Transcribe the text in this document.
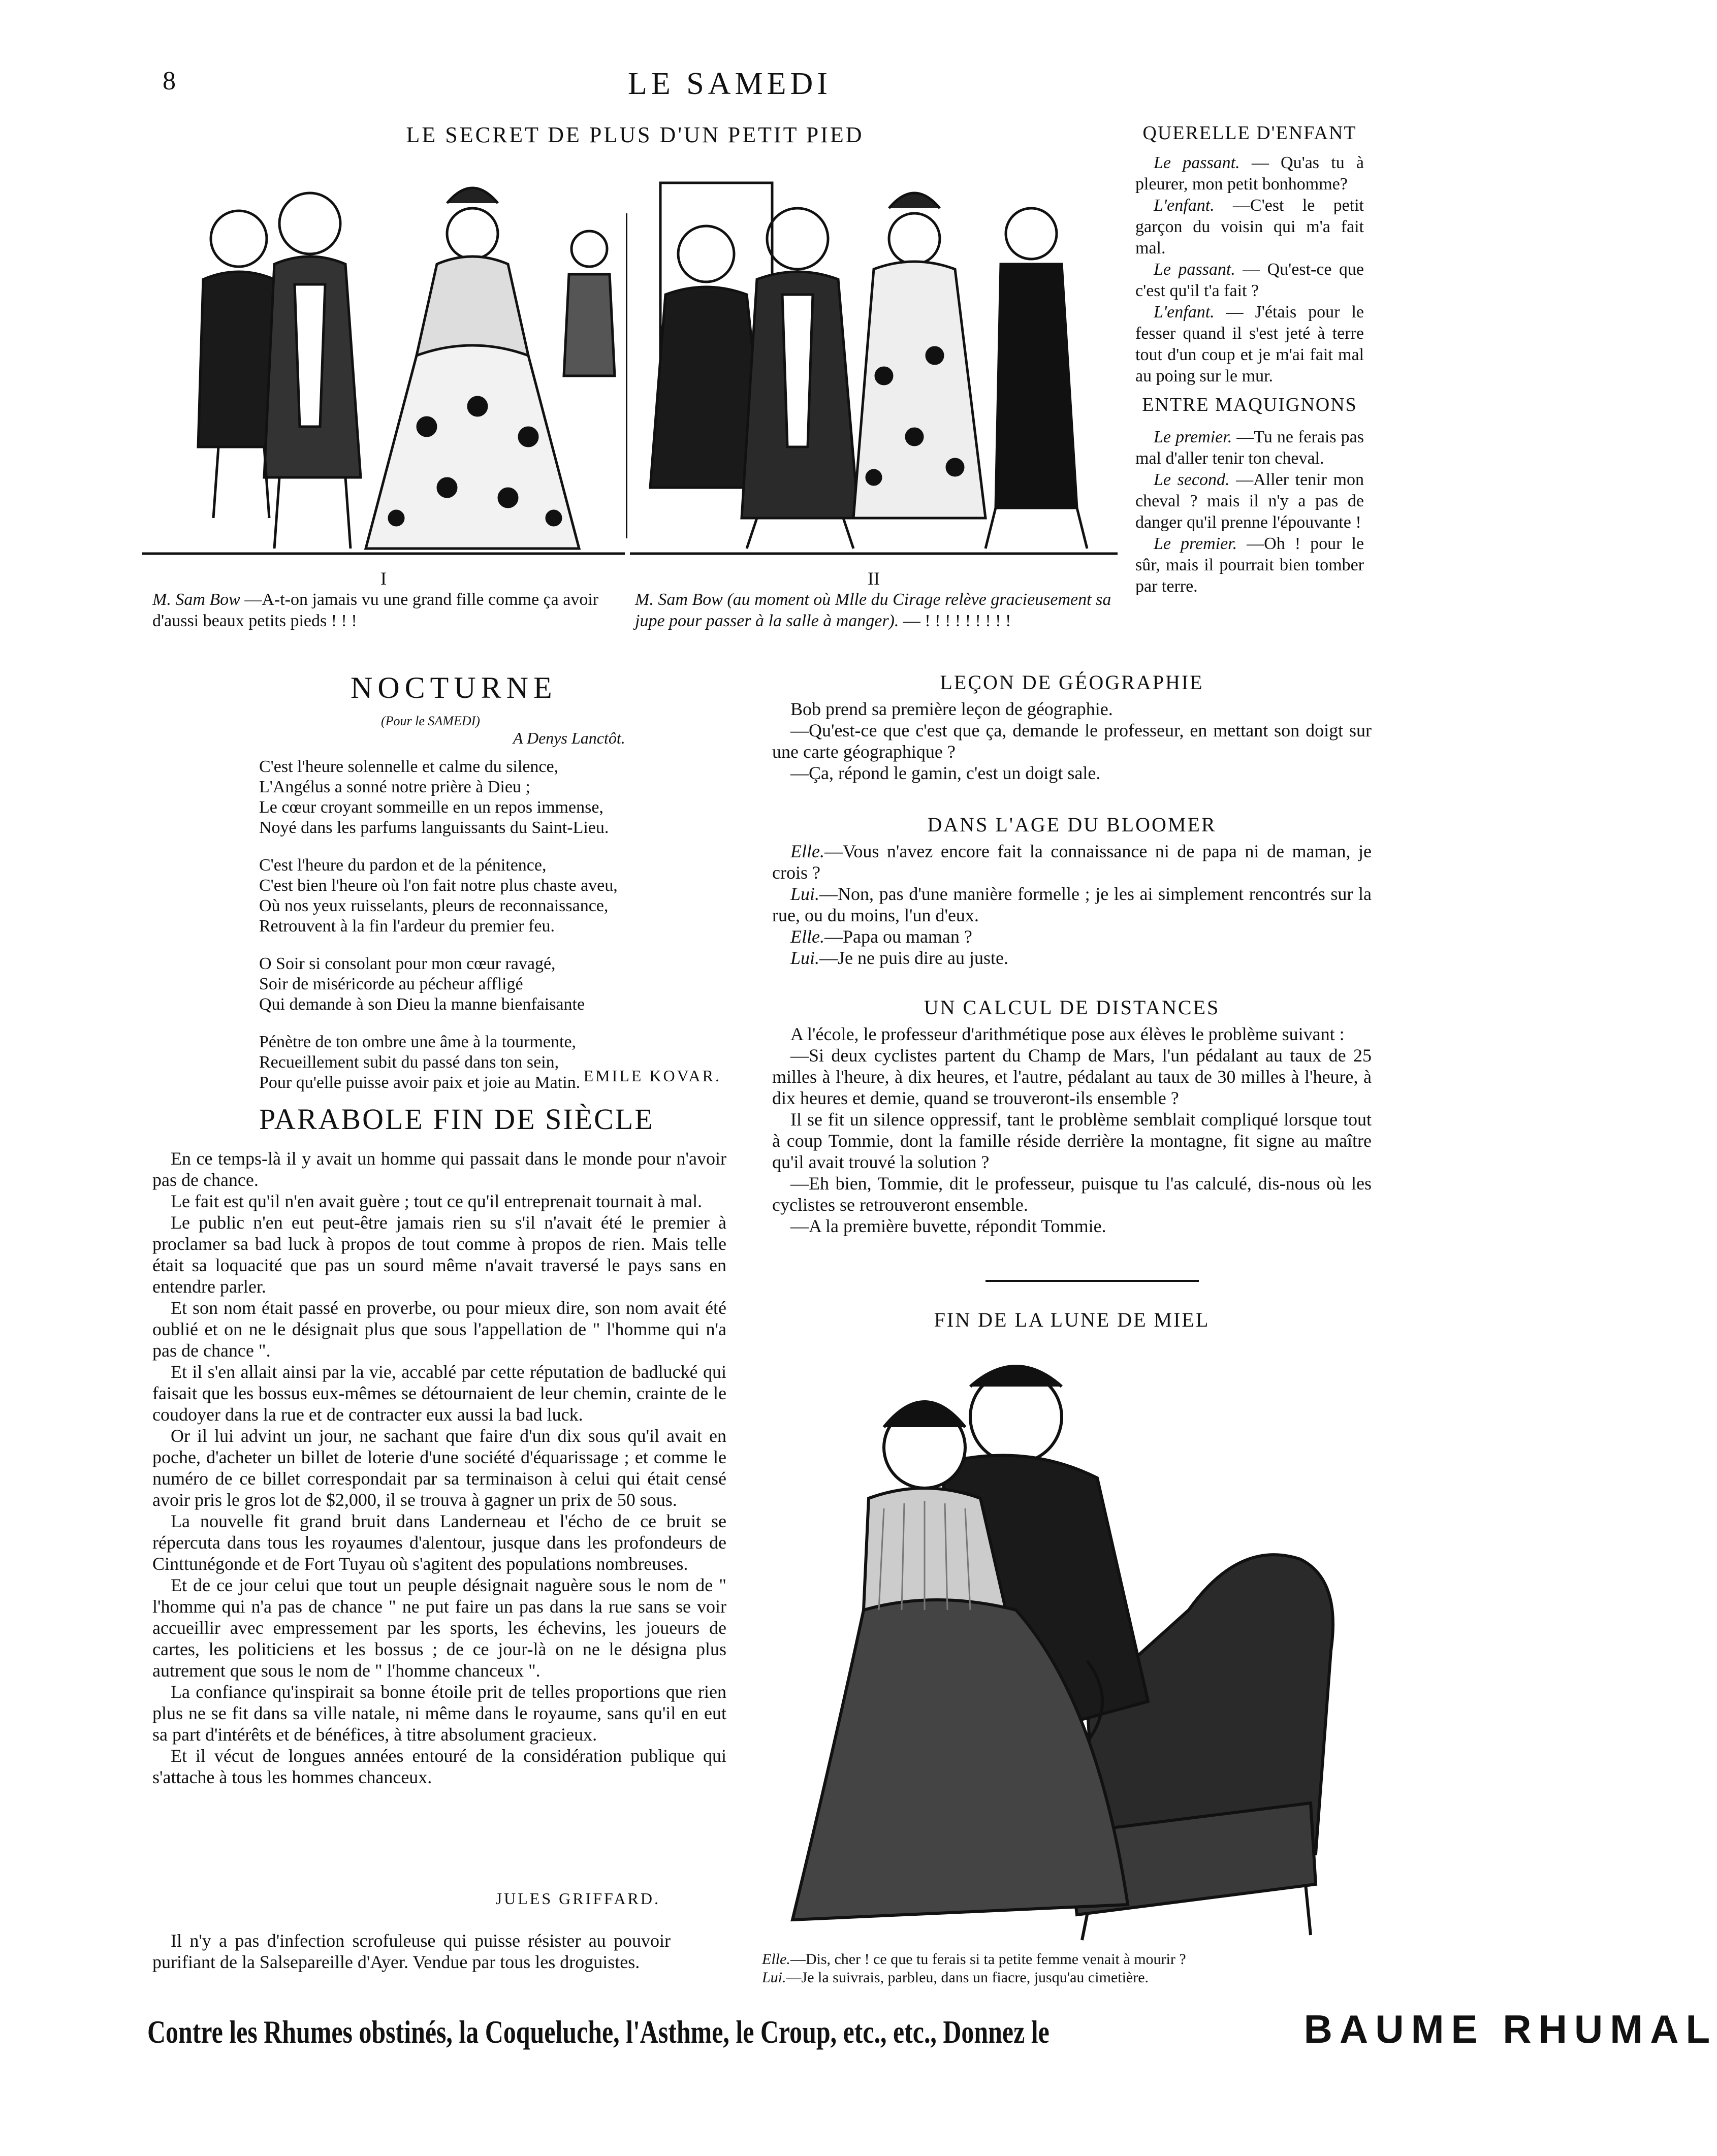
8	LE SAMEDI
LE SECRET DE PLUS D'UN PETIT PIED
I
M. Sam Bow —A-t-on jamais vu une grand fille comme ça avoir d'aussi beaux petits pieds ! ! !
II
M. Sam Bow (au moment où Mlle du Cirage relève gracieusement sa jupe pour passer à la salle à manger). — ! ! ! ! ! ! ! ! !
QUERELLE D'ENFANT

Le passant. — Qu'as tu à pleurer, mon petit bonhomme?

L'enfant. —C'est le petit garçon du voisin qui m'a fait mal.

Le passant. — Qu'est-ce que c'est qu'il t'a fait ?

L'enfant. — J'étais pour le fesser quand il s'est jeté à terre tout d'un coup et je m'ai fait mal au poing sur le mur.

ENTRE MAQUIGNONS

Le premier. —Tu ne ferais pas mal d'aller tenir ton cheval.

Le second. —Aller tenir mon cheval ? mais il n'y a pas de danger qu'il prenne l'épouvante !

Le premier. —Oh ! pour le sûr, mais il pourrait bien tomber par terre.

NOCTURNE
(Pour le SAMEDI)
A Denys Lanctôt.
C'est l'heure solennelle et calme du silence,
L'Angélus a sonné notre prière à Dieu ;
Le cœur croyant sommeille en un repos immense,
Noyé dans les parfums languissants du Saint-Lieu.
C'est l'heure du pardon et de la pénitence,
C'est bien l'heure où l'on fait notre plus chaste aveu,
Où nos yeux ruisselants, pleurs de reconnaissance,
Retrouvent à la fin l'ardeur du premier feu.
O Soir si consolant pour mon cœur ravagé,
Soir de miséricorde au pécheur affligé
Qui demande à son Dieu la manne bienfaisante
Pénètre de ton ombre une âme à la tourmente,
Recueillement subit du passé dans ton sein,
Pour qu'elle puisse avoir paix et joie au Matin. EMILE KOVAR.
PARABOLE FIN DE SIÈCLE

En ce temps-là il y avait un homme qui passait dans le monde pour n'avoir pas de chance.

Le fait est qu'il n'en avait guère ; tout ce qu'il entreprenait tournait à mal.

Le public n'en eut peut-être jamais rien su s'il n'avait été le premier à proclamer sa bad luck à propos de tout comme à propos de rien. Mais telle était sa loquacité que pas un sourd même n'avait traversé le pays sans en entendre parler.

Et son nom était passé en proverbe, ou pour mieux dire, son nom avait été oublié et on ne le désignait plus que sous l'appellation de " l'homme qui n'a pas de chance ".

Et il s'en allait ainsi par la vie, accablé par cette réputation de badlucké qui faisait que les bossus eux-mêmes se détournaient de leur chemin, crainte de le coudoyer dans la rue et de contracter eux aussi la bad luck.

Or il lui advint un jour, ne sachant que faire d'un dix sous qu'il avait en poche, d'acheter un billet de loterie d'une société d'équarissage ; et comme le numéro de ce billet correspondait par sa terminaison à celui qui était censé avoir pris le gros lot de $2,000, il se trouva à gagner un prix de 50 sous.

La nouvelle fit grand bruit dans Landerneau et l'écho de ce bruit se répercuta dans tous les royaumes d'alentour, jusque dans les profondeurs de Cinttunégonde et de Fort Tuyau où s'agitent des populations nombreuses.

Et de ce jour celui que tout un peuple désignait naguère sous le nom de " l'homme qui n'a pas de chance " ne put faire un pas dans la rue sans se voir accueillir avec empressement par les sports, les échevins, les joueurs de cartes, les politiciens et les bossus ; de ce jour-là on ne le désigna plus autrement que sous le nom de " l'homme chanceux ".

La confiance qu'inspirait sa bonne étoile prit de telles proportions que rien plus ne se fit dans sa ville natale, ni même dans le royaume, sans qu'il en eut sa part d'intérêts et de bénéfices, à titre absolument gracieux.

Et il vécut de longues années entouré de la considération publique qui s'attache à tous les hommes chanceux.

JULES GRIFFARD.
Il n'y a pas d'infection scrofuleuse qui puisse résister au pouvoir purifiant de la Salsepareille d'Ayer. Vendue par tous les droguistes.
LEÇON DE GÉOGRAPHIE

Bob prend sa première leçon de géographie.

—Qu'est-ce que c'est que ça, demande le professeur, en mettant son doigt sur une carte géographique ?

—Ça, répond le gamin, c'est un doigt sale.

DANS L'AGE DU BLOOMER

Elle.—Vous n'avez encore fait la connaissance ni de papa ni de maman, je crois ?

Lui.—Non, pas d'une manière formelle ; je les ai simplement rencontrés sur la rue, ou du moins, l'un d'eux.

Elle.—Papa ou maman ?

Lui.—Je ne puis dire au juste.

UN CALCUL DE DISTANCES

A l'école, le professeur d'arithmétique pose aux élèves le problème suivant :

—Si deux cyclistes partent du Champ de Mars, l'un pédalant au taux de 25 milles à l'heure, à dix heures, et l'autre, pédalant au taux de 30 milles à l'heure, à dix heures et demie, quand se trouveront-ils ensemble ?

Il se fit un silence oppressif, tant le problème semblait compliqué lorsque tout à coup Tommie, dont la famille réside derrière la montagne, fit signe au maître qu'il avait trouvé la solution ?

—Eh bien, Tommie, dit le professeur, puisque tu l'as calculé, dis-nous où les cyclistes se retrouveront ensemble.

—A la première buvette, répondit Tommie.

FIN DE LA LUNE DE MIEL

Elle.—Dis, cher ! ce que tu ferais si ta petite femme venait à mourir ?

Lui.—Je la suivrais, parbleu, dans un fiacre, jusqu'au cimetière.

Contre les Rhumes obstinés, la Coqueluche, l'Asthme, le Croup, etc., etc., Donnez le	BAUME RHUMAL
